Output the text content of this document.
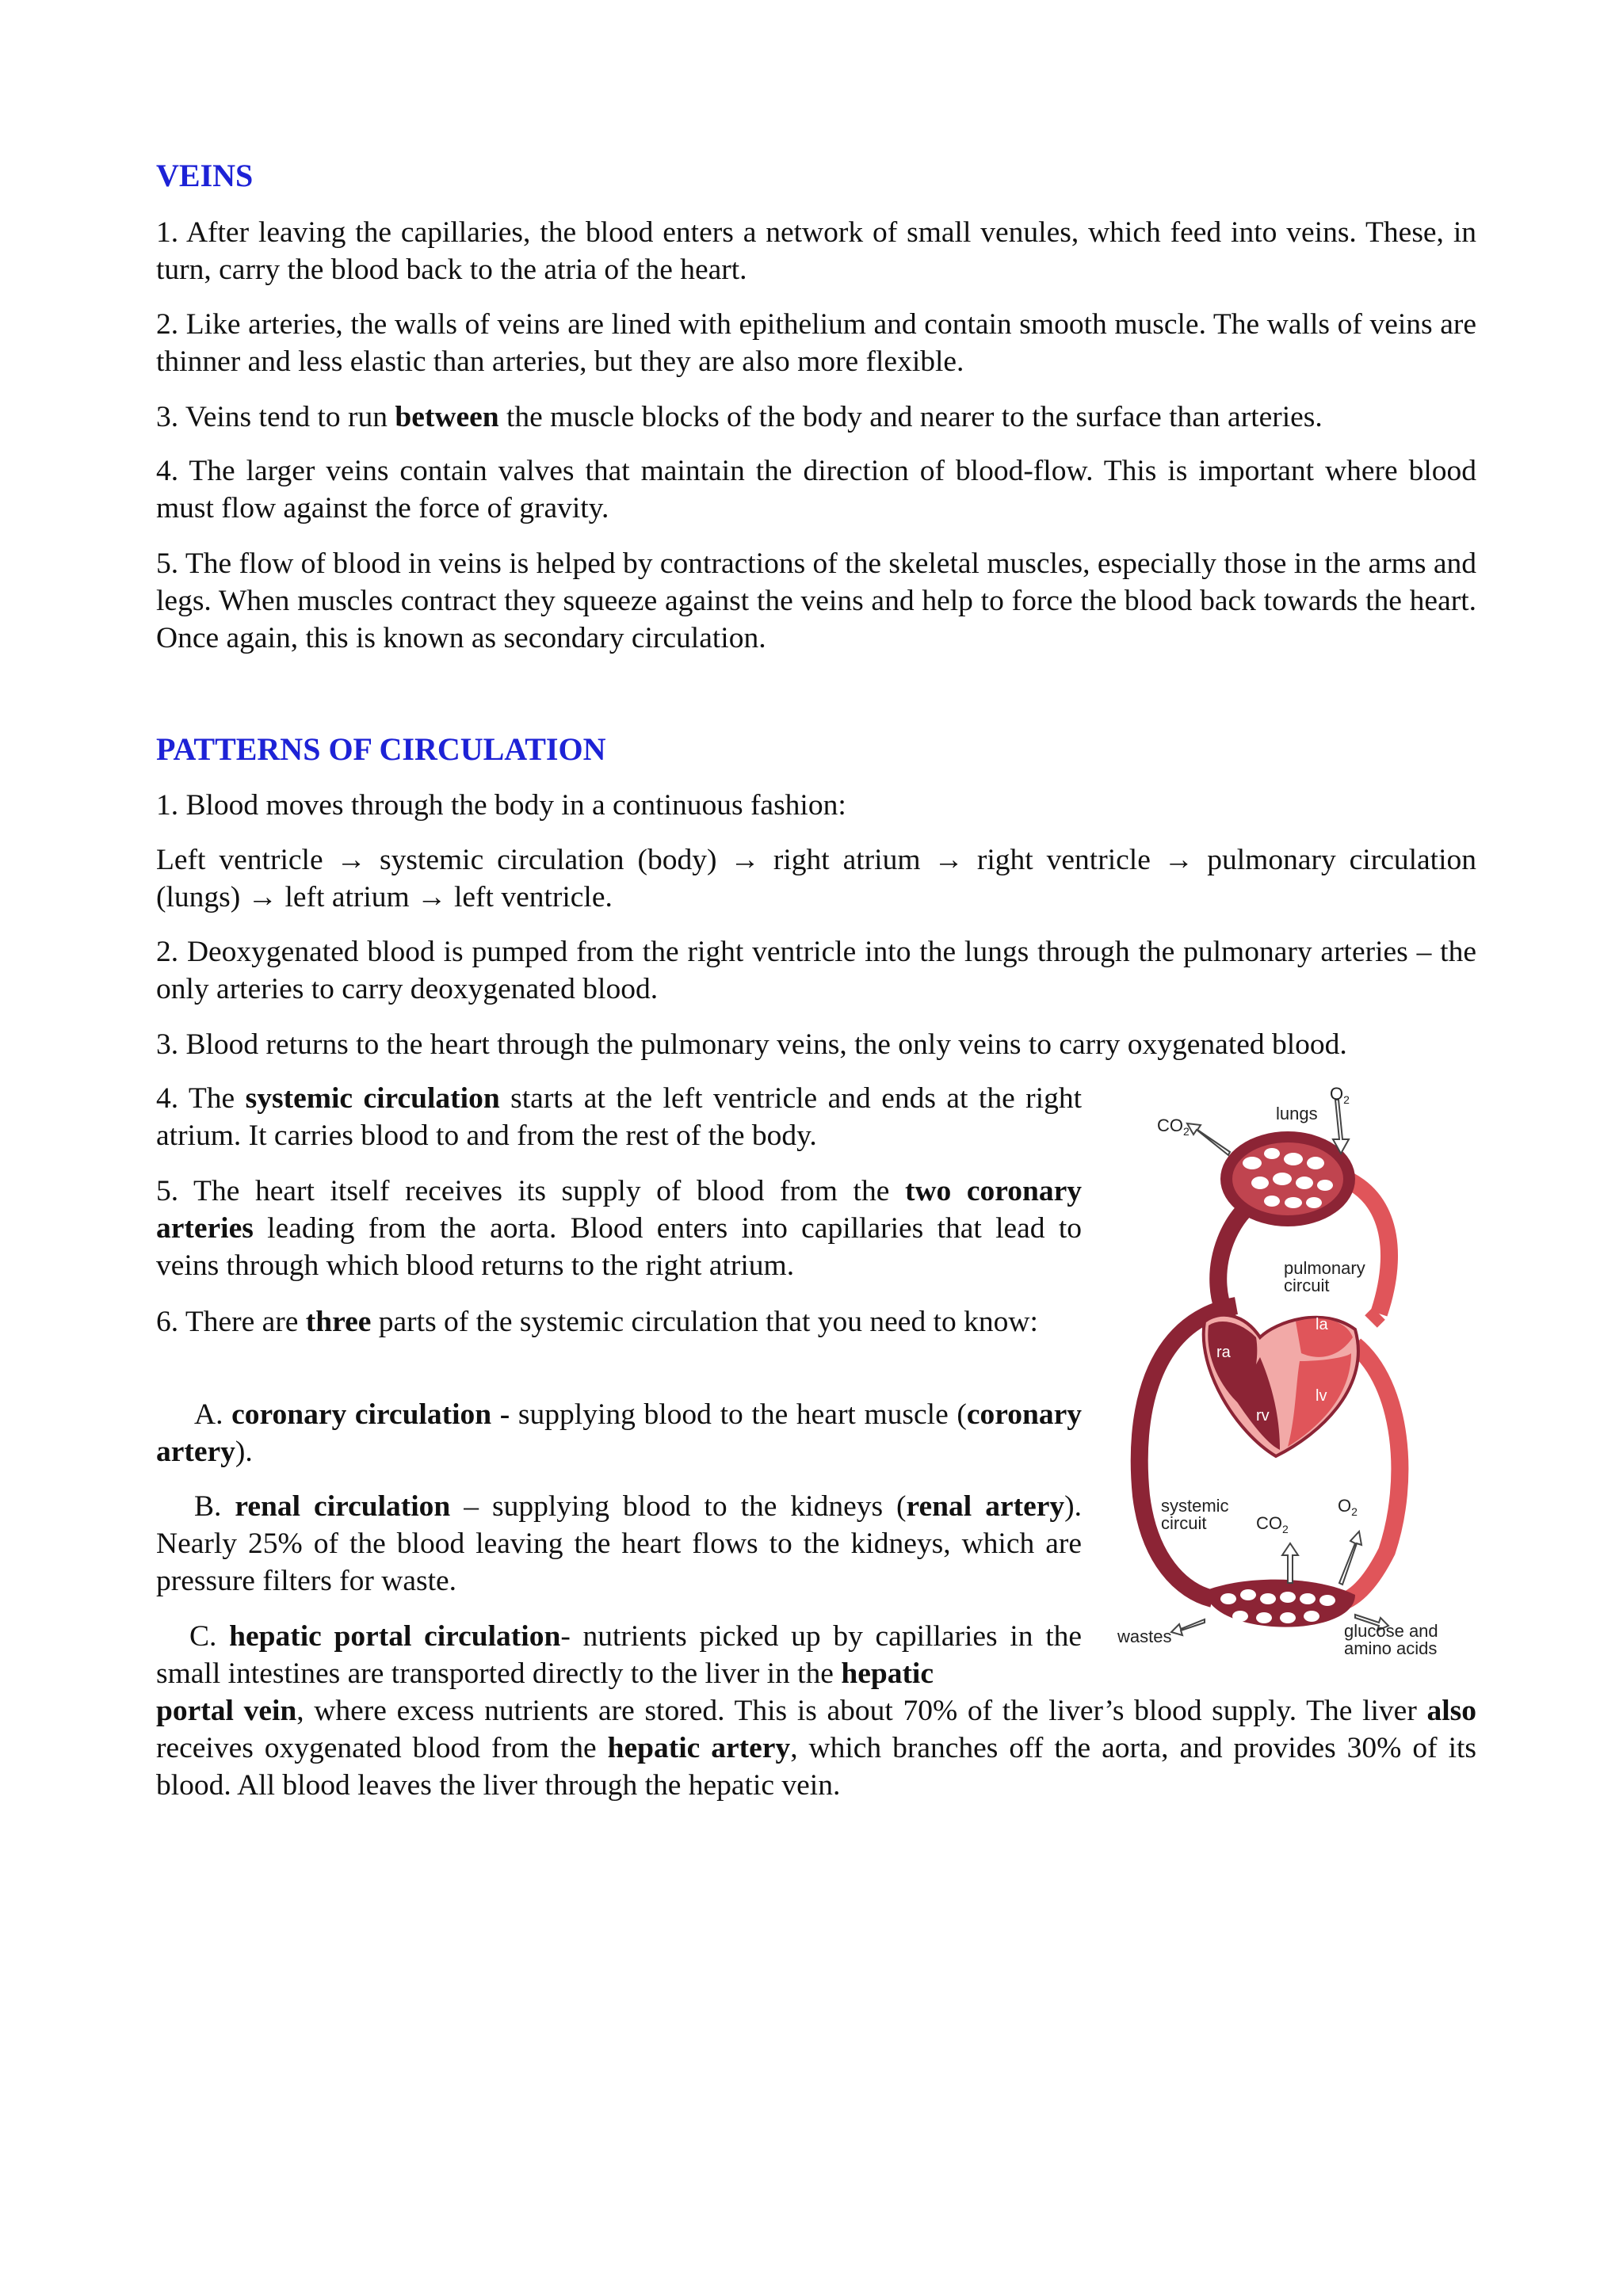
VEINS

1. After leaving the capillaries, the blood enters a network of small venules, which feed into veins. These, in turn, carry the blood back to the atria of the heart.

2. Like arteries, the walls of veins are lined with epithelium and contain smooth muscle. The walls of veins are thinner and less elastic than arteries, but they are also more flexible.

3. Veins tend to run between the muscle blocks of the body and nearer to the surface than arteries.

4. The larger veins contain valves that maintain the direction of blood-flow. This is important where blood must flow against the force of gravity.

5. The flow of blood in veins is helped by contractions of the skeletal muscles, especially those in the arms and legs. When muscles contract they squeeze against the veins and help to force the blood back towards the heart. Once again, this is known as secondary circulation.

PATTERNS OF CIRCULATION

1. Blood moves through the body in a continuous fashion:

Left ventricle → systemic circulation (body) → right atrium → right ventricle → pulmonary circulation (lungs) → left atrium → left ventricle.

2. Deoxygenated blood is pumped from the right ventricle into the lungs through the pulmonary arteries – the only arteries to carry deoxygenated blood.

3. Blood returns to the heart through the pulmonary veins, the only veins to carry oxygenated blood.

4. The systemic circulation starts at the left ventricle and ends at the right atrium. It carries blood to and from the rest of the body.

5. The heart itself receives its supply of blood from the two coronary arteries leading from the aorta. Blood enters into capillaries that lead to veins through which blood returns to the right atrium.

6. There are three parts of the systemic circulation that you need to know:

A. coronary circulation - supplying blood to the heart muscle (coronary artery).

B. renal circulation – supplying blood to the kidneys (renal artery). Nearly 25% of the blood leaving the heart flows to the kidneys, which are pressure filters for waste.

C. hepatic portal circulation- nutrients picked up by capillaries in the small intestines are transported directly to the liver in the hepatic

portal vein, where excess nutrients are stored. This is about 70% of the liver’s blood supply. The liver also receives oxygenated blood from the hepatic artery, which branches off the aorta, and provides 30% of its blood. All blood leaves the liver through the hepatic vein.

ra
rv
la
lv
$O_2$
lungs
$CO_2$
pulmonary
circuit
systemic
circuit	$CO_2$
$O_2$
wastes	glucose and
amino acids
